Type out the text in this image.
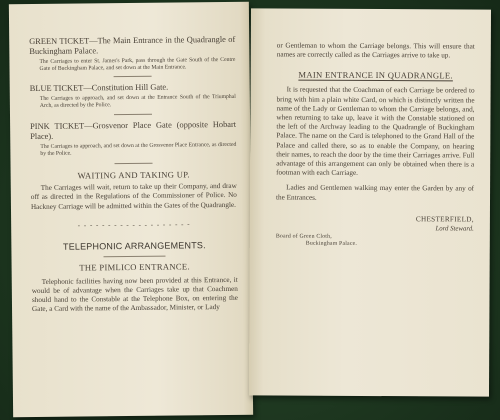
GREEN TICKET—The Main Entrance in the Quadrangle of Buckingham Palace.
The Carriages to enter St. James's Park, pass through the Gate South of the Centre Gate of Buckingham Palace, and set down at the Main Entrance.
BLUE TICKET—Constitution Hill Gate.
The Carriages to approach, and set down at the Entrance South of the Triumphal Arch, as directed by the Police.
PINK TICKET—Grosvenor Place Gate (opposite Hobart Place).
The Carriages to approach, and set down at the Grosvenor Place Entrance, as directed by the Police.
WAITING AND TAKING UP.
The Carriages will wait, return to take up their Company, and draw off as directed in the Regulations of the Commissioner of Police. No Hackney Carriage will be admitted within the Gates of the Quadrangle.
- - - - - - - - - - - - - - - - - - -
TELEPHONIC ARRANGEMENTS.
THE PIMLICO ENTRANCE.
Telephonic facilities having now been provided at this Entrance, it would be of advantage when the Carriages take up that Coachmen should hand to the Constable at the Telephone Box, on entering the Gate, a Card with the name of the Ambassador, Minister, or Lady
or Gentleman to whom the Carriage belongs. This will ensure that names are correctly called as the Carriages arrive to take up.
MAIN ENTRANCE IN QUADRANGLE.
It is requested that the Coachman of each Carriage be ordered to bring with him a plain white Card, on which is distinctly written the name of the Lady or Gentleman to whom the Carriage belongs, and, when returning to take up, leave it with the Constable stationed on the left of the Archway leading to the Quadrangle of Buckingham Palace. The name on the Card is telephoned to the Grand Hall of the Palace and called there, so as to enable the Company, on hearing their names, to reach the door by the time their Carriages arrive. Full advantage of this arrangement can only be obtained when there is a footman with each Carriage.
Ladies and Gentlemen walking may enter the Garden by any of the Entrances.
CHESTERFIELD,
Lord Steward.
Board of Green Cloth,
Buckingham Palace.
